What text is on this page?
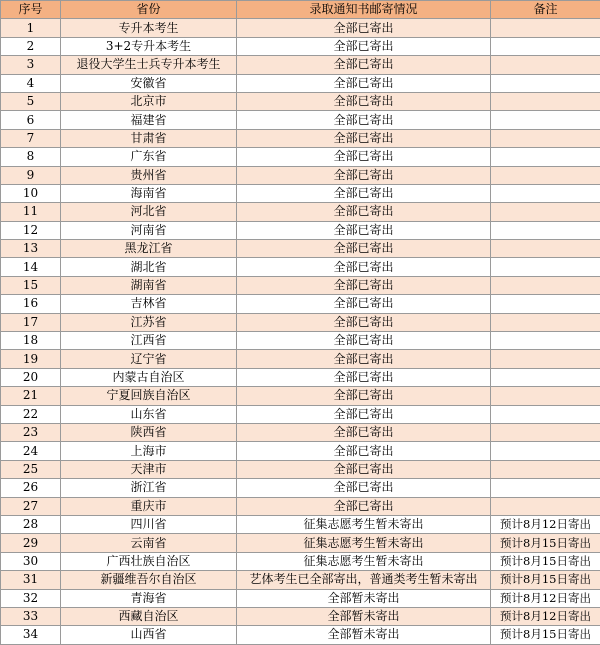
序号	省份	录取通知书邮寄情况	备注
1	专升本考生	全部已寄出	
2	3+2专升本考生	全部已寄出	
3	退役大学生士兵专升本考生	全部已寄出	
4	安徽省	全部已寄出	
5	北京市	全部已寄出	
6	福建省	全部已寄出	
7	甘肃省	全部已寄出	
8	广东省	全部已寄出	
9	贵州省	全部已寄出	
10	海南省	全部已寄出	
11	河北省	全部已寄出	
12	河南省	全部已寄出	
13	黑龙江省	全部已寄出	
14	湖北省	全部已寄出	
15	湖南省	全部已寄出	
16	吉林省	全部已寄出	
17	江苏省	全部已寄出	
18	江西省	全部已寄出	
19	辽宁省	全部已寄出	
20	内蒙古自治区	全部已寄出	
21	宁夏回族自治区	全部已寄出	
22	山东省	全部已寄出	
23	陕西省	全部已寄出	
24	上海市	全部已寄出	
25	天津市	全部已寄出	
26	浙江省	全部已寄出	
27	重庆市	全部已寄出	
28	四川省	征集志愿考生暂未寄出	预计8月12日寄出
29	云南省	征集志愿考生暂未寄出	预计8月15日寄出
30	广西壮族自治区	征集志愿考生暂未寄出	预计8月15日寄出
31	新疆维吾尔自治区	艺体考生已全部寄出，普通类考生暂未寄出	预计8月15日寄出
32	青海省	全部暂未寄出	预计8月12日寄出
33	西藏自治区	全部暂未寄出	预计8月12日寄出
34	山西省	全部暂未寄出	预计8月15日寄出
